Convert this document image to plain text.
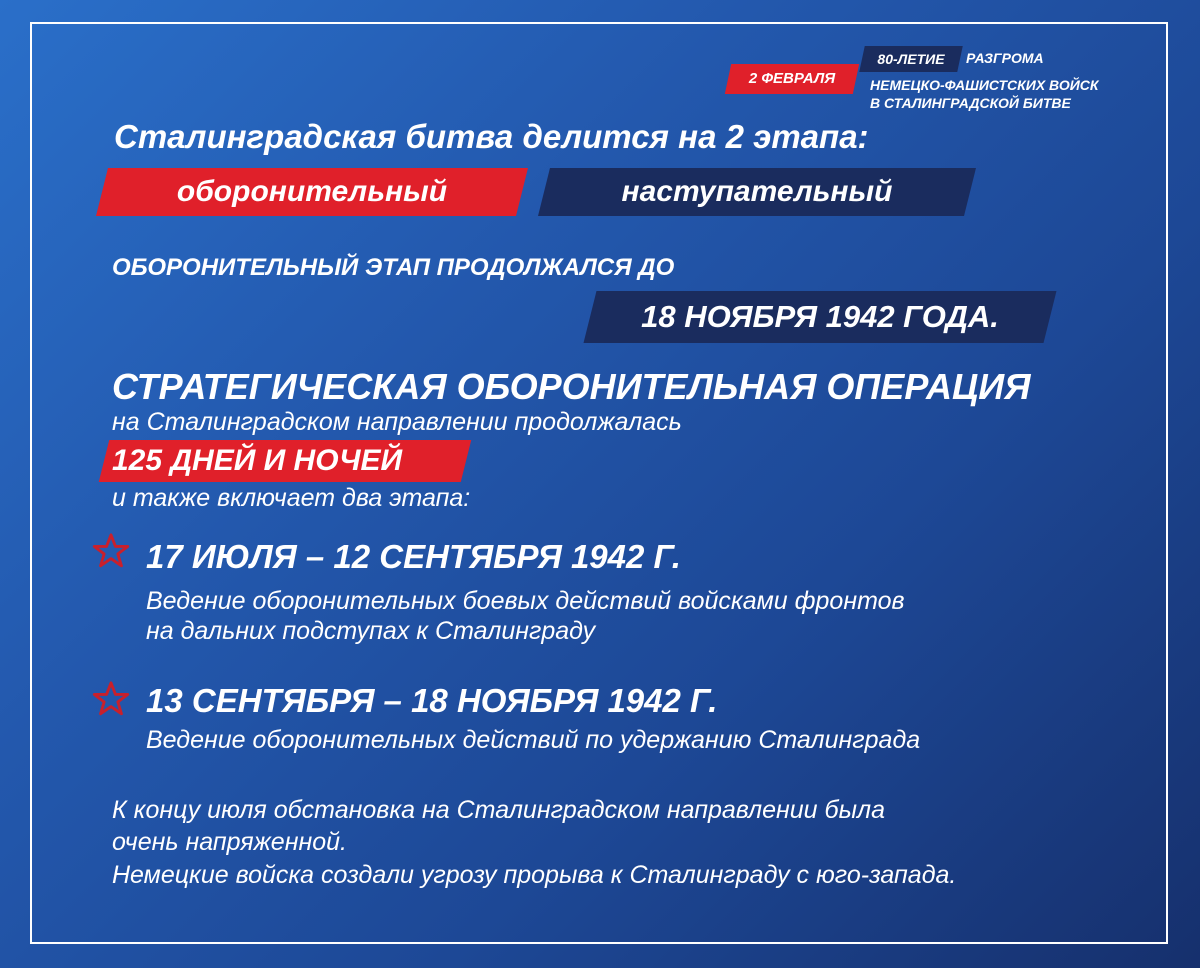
80-ЛЕТИЕ	РАЗГРОМА
2 ФЕВРАЛЯ	НЕМЕЦКО-ФАШИСТСКИХ ВОЙСК
В СТАЛИНГРАДСКОЙ БИТВЕ
Сталинградская битва делится на 2 этапа:
оборонительный	наступательный
ОБОРОНИТЕЛЬНЫЙ ЭТАП ПРОДОЛЖАЛСЯ ДО
18 НОЯБРЯ 1942 ГОДА.
СТРАТЕГИЧЕСКАЯ ОБОРОНИТЕЛЬНАЯ ОПЕРАЦИЯ
на Сталинградском направлении продолжалась
125 ДНЕЙ И НОЧЕЙ
и также включает два этапа:
17 ИЮЛЯ – 12 СЕНТЯБРЯ 1942 Г.
Ведение оборонительных боевых действий войсками фронтов
на дальних подступах к Сталинграду
13 СЕНТЯБРЯ – 18 НОЯБРЯ 1942 Г.
Ведение оборонительных действий по удержанию Сталинграда
К концу июля обстановка на Сталинградском направлении была
очень напряженной.
Немецкие войска создали угрозу прорыва к Сталинграду с юго-запада.
